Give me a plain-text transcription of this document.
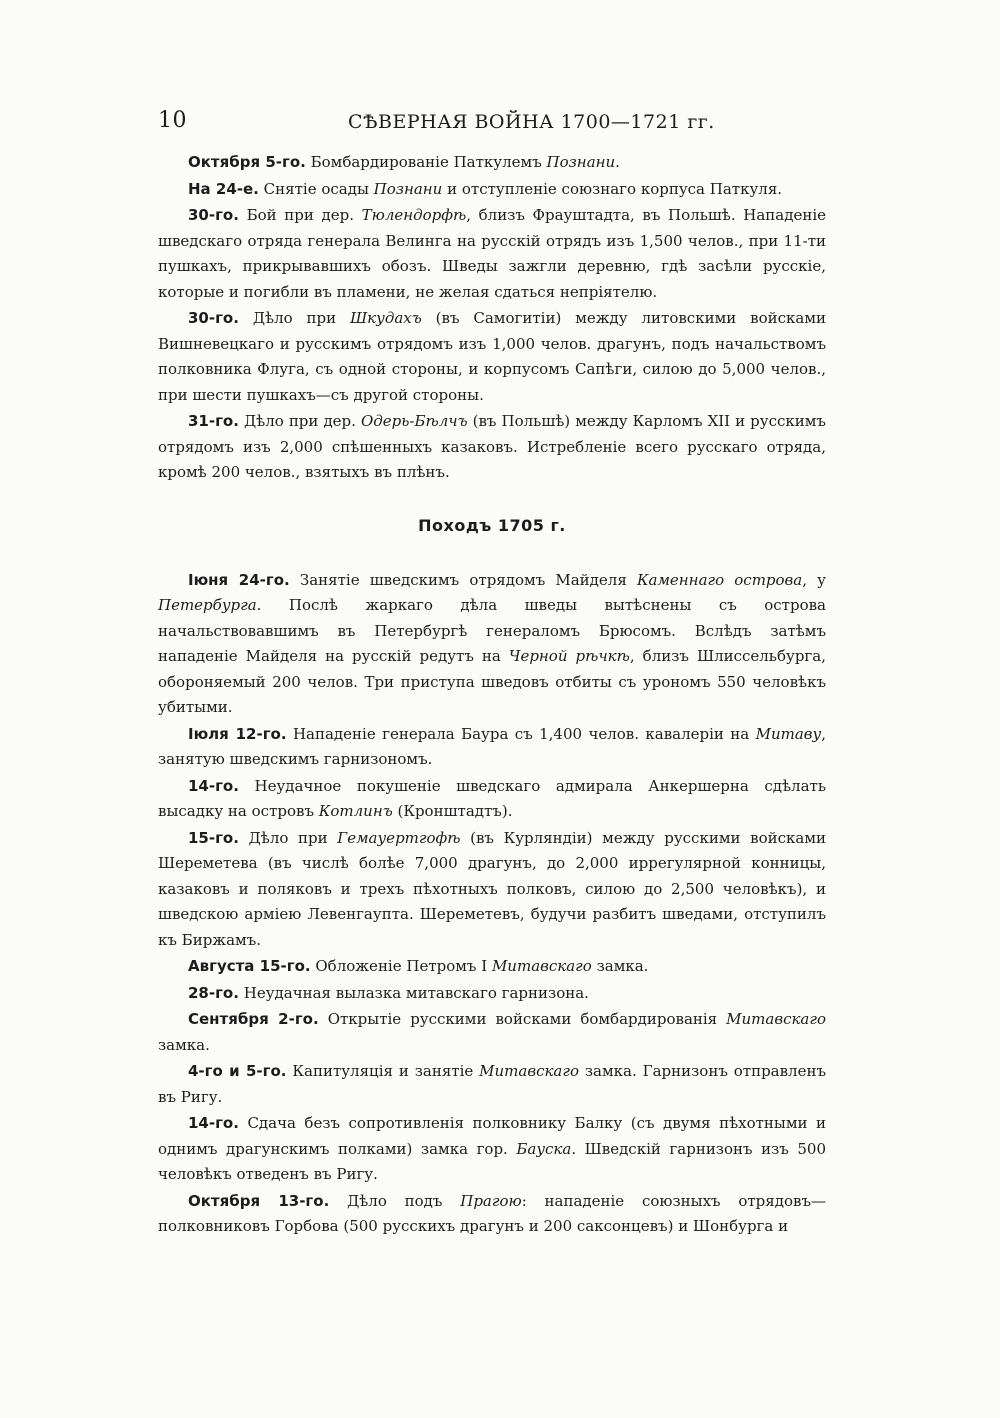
10	СѢВЕРНАЯ ВОЙНА 1700—1721 гг.

Октября 5-го. Бомбардированіе Паткулемъ Познани.

На 24-е. Снятіе осады Познани и отступленіе союзнаго корпуса Паткуля.

30-го. Бой при дер. Тюлендорфѣ, близъ Фрауштадта, въ Польшѣ. Нападеніе шведскаго отряда генерала Велинга на русскій отрядъ изъ 1,500 челов., при 11-ти пушкахъ, прикрывавшихъ обозъ. Шведы зажгли деревню, гдѣ засѣли русскіе, которые и погибли въ пламени, не желая сдаться непріятелю.

30-го. Дѣло при Шкудахъ (въ Самогитіи) между литовскими войсками Вишневецкаго и русскимъ отрядомъ изъ 1,000 челов. драгунъ, подъ начальствомъ полковника Флуга, съ одной стороны, и корпусомъ Сапѣги, силою до 5,000 челов., при шести пушкахъ—съ другой стороны.

31-го. Дѣло при дер. Одерь-Бѣлчъ (въ Польшѣ) между Карломъ XII и русскимъ отрядомъ изъ 2,000 спѣшенныхъ казаковъ. Истребленіе всего русскаго отряда, кромѣ 200 челов., взятыхъ въ плѣнъ.

Походъ 1705 г.

Іюня 24-го. Занятіе шведскимъ отрядомъ Майделя Каменнаго острова, у Петербурга. Послѣ жаркаго дѣла шведы вытѣснены съ острова начальствовавшимъ въ Петербургѣ генераломъ Брюсомъ. Вслѣдъ затѣмъ нападеніе Майделя на русскій редутъ на Черной рѣчкѣ, близъ Шлиссельбурга, обороняемый 200 челов. Три приступа шведовъ отбиты съ урономъ 550 человѣкъ убитыми.

Іюля 12-го. Нападеніе генерала Баура съ 1,400 челов. кавалеріи на Митаву, занятую шведскимъ гарнизономъ.

14-го. Неудачное покушеніе шведскаго адмирала Анкершерна сдѣлать высадку на островъ Котлинъ (Кронштадтъ).

15-го. Дѣло при Гемауертгофѣ (въ Курляндіи) между русскими войсками Шереметева (въ числѣ болѣе 7,000 драгунъ, до 2,000 иррегулярной конницы, казаковъ и поляковъ и трехъ пѣхотныхъ полковъ, силою до 2,500 человѣкъ), и шведскою арміею Левенгаупта. Шереметевъ, будучи разбитъ шведами, отступилъ къ Биржамъ.

Августа 15-го. Обложеніе Петромъ I Митавскаго замка.

28-го. Неудачная вылазка митавскаго гарнизона.

Сентября 2-го. Открытіе русскими войсками бомбардированія Митавскаго замка.

4-го и 5-го. Капитуляція и занятіе Митавскаго замка. Гарнизонъ отправленъ въ Ригу.

14-го. Сдача безъ сопротивленія полковнику Балку (съ двумя пѣхотными и однимъ драгунскимъ полками) замка гор. Бауска. Шведскій гарнизонъ изъ 500 человѣкъ отведенъ въ Ригу.

Октября 13-го. Дѣло подъ Прагою: нападеніе союзныхъ отрядовъ—полковниковъ Горбова (500 русскихъ драгунъ и 200 саксонцевъ) и Шонбурга и
